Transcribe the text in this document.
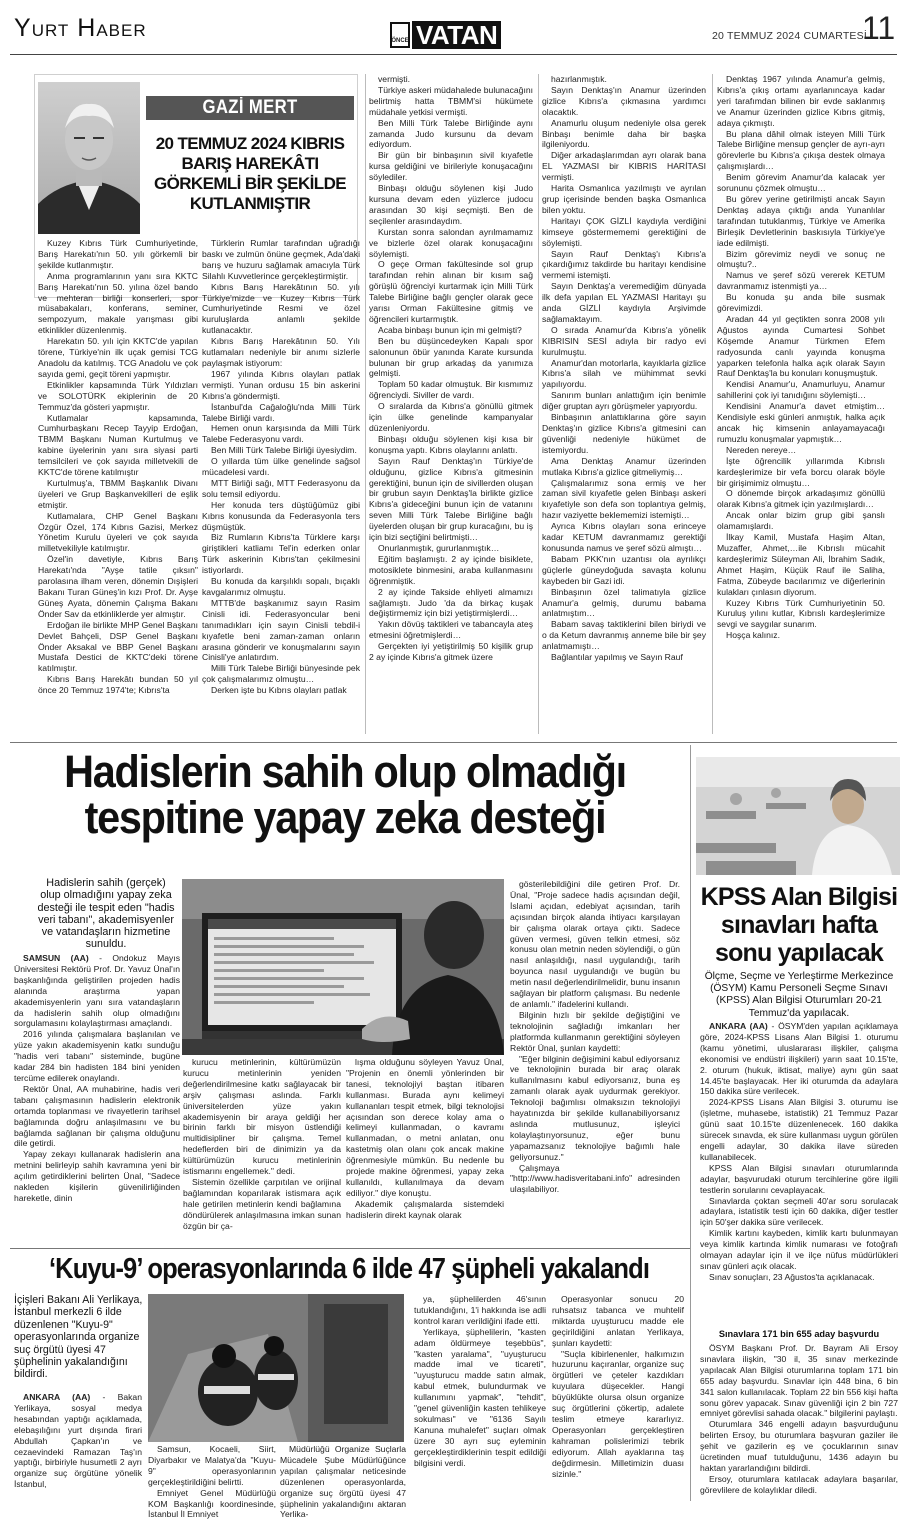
YURT HABER
ÖNCE VATAN	20 TEMMUZ 2024 CUMARTESİ
11
GAZİ MERT
20 TEMMUZ 2024 KIBRIS BARIŞ HAREKÂTI GÖRKEMLİ BİR ŞEKİLDE KUTLANMIŞTIR

Kuzey Kıbrıs Türk Cumhuriyetinde, Barış Harekatı'nın 50. yılı görkemli bir şekilde kutlanmıştır.

Anma programlarının yanı sıra KKTC Barış Harekatı'nın 50. yılına özel bando ve mehteran birliği konserleri, spor müsabakaları, konferans, seminer, sempozyum, makale yarışması gibi etkinlikler düzenlenmiş.

Harekatın 50. yılı için KKTC'de yapılan törene, Türkiye'nin ilk uçak gemisi TCG Anadolu da katılmış. TCG Anadolu ve çok sayıda gemi, geçit töreni yapmıştır.

Etkinlikler kapsamında Türk Yıldızları ve SOLOTÜRK ekiplerinin de 20 Temmuz'da gösteri yapmıştır.

Kutlamalar kapsamında, Cumhurbaşkanı Recep Tayyip Erdoğan, TBMM Başkanı Numan Kurtulmuş ve kabine üyelerinin yanı sıra siyasi parti temsilcileri ve çok sayıda milletvekili de KKTC'de törene katılmıştır

Kurtulmuş'a, TBMM Başkanlık Divanı üyeleri ve Grup Başkanvekilleri de eşlik etmiştir.

Kutlamalara, CHP Genel Başkanı Özgür Özel, 174 Kıbrıs Gazisi, Merkez Yönetim Kurulu üyeleri ve çok sayıda milletvekiliyle katılmıştır.

Özel'in davetiyle, Kıbrıs Barış Harekatı'nda "Ayşe tatile çıksın" parolasına ilham veren, dönemin Dışişleri Bakanı Turan Güneş'in kızı Prof. Dr. Ayşe Güneş Ayata, dönemin Çalışma Bakanı Önder Sav da etkinliklerde yer almıştır.

Erdoğan ile birlikte MHP Genel Başkanı Devlet Bahçeli, DSP Genel Başkanı Önder Aksakal ve BBP Genel Başkanı Mustafa Destici de KKTC'deki törene katılmıştır.

Kıbrıs Barış Harekâtı bundan 50 yıl önce 20 Temmuz 1974'te; Kıbrıs'ta

Türklerin Rumlar tarafından uğradığı baskı ve zulmün önüne geçmek, Ada'daki barış ve huzuru sağlamak amacıyla Türk Silahlı Kuvvetlerince gerçekleştirmiştir.

Kıbrıs Barış Harekâtının 50. yılı Türkiye'mizde ve Kuzey Kıbrıs Türk Cumhuriyetinde Resmi ve özel kuruluşlarda anlamlı şekilde kutlanacaktır.

Kıbrıs Barış Harekâtının 50. Yılı kutlamaları nedeniyle bir anımı sizlerle paylaşmak istiyorum:

1967 yılında Kıbrıs olayları patlak vermişti. Yunan ordusu 15 bin askerini Kıbrıs'a göndermişti.

İstanbul'da Cağaloğlu'nda Milli Türk Talebe Birliği vardı.

Hemen onun karşısında da Milli Türk Talebe Federasyonu vardı.

Ben Milli Türk Talebe Birliği üyesiydim.

O yıllarda tüm ülke genelinde sağsol mücadelesi vardı.

MTT Birliği sağı, MTT Federasyonu da solu temsil ediyordu.

Her konuda ters düştüğümüz gibi Kıbrıs konusunda da Federasyonla ters düşmüştük.

Biz Rumların Kıbrıs'ta Türklere karşı giriştikleri katliamı Tel'in ederken onlar Türk askerinin Kıbrıs'tan çekilmesini istiyorlardı.

Bu konuda da karşılıklı sopalı, bıçaklı kavgalarımız olmuştu.

MTTB'de başkanımız sayın Rasim Cinisli idi. Federasyoncular beni tanımadıkları için sayın Cinisli tebdil-i kıyafetle beni zaman-zaman onların arasına gönderir ve konuşmalarını sayın Cinisli'ye anlatırdım.

Milli Türk Talebe Birliği bünyesinde pek çok çalışmalarımız olmuştu…

Derken işte bu Kıbrıs olayları patlak

vermişti.

Türkiye askeri müdahalede bulunacağını belirtmiş hatta TBMM'si hükümete müdahale yetkisi vermişti.

Ben Milli Türk Talebe Birliğinde aynı zamanda Judo kursunu da devam ediyordum.

Bir gün bir binbaşının sivil kıyafetle kursa geldiğini ve birileriyle konuşacağını söylediler.

Binbaşı olduğu söylenen kişi Judo kursuna devam eden yüzlerce judocu arasından 30 kişi seçmişti. Ben de seçilenler arasındaydım.

Kurstan sonra salondan ayrılmamamız ve bizlerle özel olarak konuşacağını söylemişti.

O geçe Orman fakültesinde sol grup tarafından rehin alınan bir kısım sağ görüşlü öğrenciyi kurtarmak için Milli Türk Talebe Birliğine bağlı gençler olarak gece yarısı Orman Fakültesine gitmiş ve öğrencileri kurtarmıştık.

Acaba binbaşı bunun için mi gelmişti?

Ben bu düşüncedeyken Kapalı spor salonunun öbür yanında Karate kursunda bulunan bir grup arkadaş da yanımıza gelmişti.

Toplam 50 kadar olmuştuk. Bir kısmımız öğrenciydi. Siviller de vardı.

O sıralarda da Kıbrıs'a gönüllü gitmek için ülke genelinde kampanyalar düzenleniyordu.

Binbaşı olduğu söylenen kişi kısa bir konuşma yaptı. Kıbrıs olaylarını anlattı.

Sayın Rauf Denktaş'ın Türkiye'de olduğunu, gizlice Kıbrıs'a gitmesinin gerektiğini, bunun için de sivillerden oluşan bir grubun sayın Denktaş'la birlikte gizlice Kıbrıs'a gideceğini bunun için de vatanını seven Milli Türk Talebe Birliğine bağlı üyelerden oluşan bir grup kuracağını, bu iş için bizi seçtiğini belirtmişti…

Onurlanmıştık, gururlanmıştık…

Eğitim başlamıştı. 2 ay içinde bisiklete, motosiklete binmesini, araba kullanmasını öğrenmiştik.

2 ay içinde Takside ehliyeti almamızı sağlamıştı. Judo 'da da birkaç kuşak değiştirmemiz için bizi yetiştirmişlerdi…

Yakın dövüş taktikleri ve tabancayla ateş etmesini öğretmişlerdi…

Gerçekten iyi yetiştirilmiş 50 kişilik grup 2 ay içinde Kıbrıs'a gitmek üzere

hazırlanmıştık.

Sayın Denktaş'ın Anamur üzerinden gizlice Kıbrıs'a çıkmasına yardımcı olacaktık.

Anamurlu oluşum nedeniyle olsa gerek Binbaşı benimle daha bir başka ilgileniyordu.

Diğer arkadaşlarımdan ayrı olarak bana EL YAZMASI bir KIBRIS HARİTASI vermişti.

Harita Osmanlıca yazılmıştı ve ayrılan grup içerisinde benden başka Osmanlıca bilen yoktu.

Haritayı ÇOK GİZLİ kaydıyla verdiğini kimseye göstermememi gerektiğini de söylemişti.

Sayın Rauf Denktaş'ı Kıbrıs'a çıkardığımız takdirde bu haritayı kendisine vermemi istemişti.

Sayın Denktaş'a veremediğim dünyada ilk defa yapılan EL YAZMASI Haritayı şu anda GİZLİ kaydıyla Arşivimde sağlamaktayım.

O sırada Anamur'da Kıbrıs'a yönelik KIBRISIN SESİ adıyla bir radyo evi kurulmuştu.

Anamur'dan motorlarla, kayıklarla gizlice Kıbrıs'a silah ve mühimmat sevki yapılıyordu.

Sanırım bunları anlattığım için benimle diğer gruptan ayrı görüşmeler yapıyordu.

Binbaşının anlattıklarına göre sayın Denktaş'ın gizlice Kıbrıs'a gitmesini can güvenliği nedeniyle hükümet de istemiyordu.

Ama Denktaş Anamur üzerinden mutlaka Kıbrıs'a gizlice gitmeliymiş…

Çalışmalarımız sona ermiş ve her zaman sivil kıyafetle gelen Binbaşı askeri kıyafetiyle son defa son toplantıya gelmiş, hazır vaziyette beklememizi istemişti…

Ayrıca Kıbrıs olayları sona erinceye kadar KETUM davranmamız gerektiği konusunda namus ve şeref sözü almıştı…

Babam PKK'nın uzantısı ola ayrılıkçı güçlerle güneydoğuda savaşta kolunu kaybeden bir Gazi idi.

Binbaşının özel talimatıyla gizlice Anamur'a gelmiş, durumu babama anlatmıştım…

Babam savaş taktiklerini bilen biriydi ve o da Ketum davranmış anneme bile bir şey anlatmamıştı…

Bağlantılar yapılmış ve Sayın Rauf

Denktaş 1967 yılında Anamur'a gelmiş, Kıbrıs'a çıkış ortamı ayarlanıncaya kadar yeri tarafımdan bilinen bir evde saklanmış ve Anamur üzerinden gizlice Kıbrıs gitmiş, adaya çıkmıştı.

Bu plana dâhil olmak isteyen Milli Türk Talebe Birliğine mensup gençler de ayrı-ayrı görevlerle bu Kıbrıs'a çıkışa destek olmaya çalışmışlardı…

Benim görevim Anamur'da kalacak yer sorununu çözmek olmuştu…

Bu görev yerine getirilmişti ancak Sayın Denktaş adaya çıktığı anda Yunanlılar tarafından tutuklanmış, Türkiye ve Amerika Birleşik Devletlerinin baskısıyla Türkiye'ye iade edilmişti.

Bizim görevimiz neydi ve sonuç ne olmuştu?..

Namus ve şeref sözü vererek KETUM davranmamız istenmişti ya…

Bu konuda şu anda bile susmak görevimizdi.

Aradan 44 yıl geçtikten sonra 2008 yılı Ağustos ayında Cumartesi Sohbet Köşemde Anamur Türkmen Efem radyosunda canlı yayında konuşma yaparken telefonla halka açık olarak Sayın Rauf Denktaş'la bu konuları konuşmuştuk.

Kendisi Anamur'u, Anamurluyu, Anamur sahillerini çok iyi tanıdığını söylemişti…

Kendisini Anamur'a davet etmiştim… Kendisiyle eski günleri anmıştık, halka açık ancak hiç kimsenin anlayamayacağı rumuzlu konuşmalar yapmıştık…

Nereden nereye…

İşte öğrencilik yıllarımda Kıbrıslı kardeşlerimize bir vefa borcu olarak böyle bir girişimimiz olmuştu…

O dönemde birçok arkadaşımız gönüllü olarak Kıbrıs'a gitmek için yazılmışlardı…

Ancak onlar bizim grup gibi şanslı olamamışlardı.

İlkay Kamil, Mustafa Haşim Altan, Muzaffer, Ahmet,…ile Kıbrıslı mücahit kardeşlerimiz Süleyman Ali, İbrahim Sadık, Ahmet Haşim, Küçük Rauf ile Saliha, Fatma, Zübeyde bacılarımız ve diğerlerinin kulakları çınlasın diyorum.

Kuzey Kıbrıs Türk Cumhuriyetinin 50. Kuruluş yılını kutlar, Kıbrıslı kardeşlerimize sevgi ve saygılar sunarım.

Hoşça kalınız.

Hadislerin sahih olup olmadığı
tespitine yapay zeka desteği
Hadislerin sahih (gerçek) olup olmadığını yapay zeka desteği ile tespit eden "hadis veri tabanı", akademisyenler ve vatandaşların hizmetine sunuldu.

SAMSUN (AA) - Ondokuz Mayıs Üniversitesi Rektörü Prof. Dr. Yavuz Ünal'ın başkanlığında geliştirilen projeden hadis alanında araştırma yapan akademisyenlerin yanı sıra vatandaşların da hadislerin sahih olup olmadığını sorgulamasını kolaylaştırması amaçlandı.

2016 yılında çalışmalara başlanılan ve yüze yakın akademisyenin katkı sunduğu "hadis veri tabanı" sisteminde, bugüne kadar 284 bin hadisten 184 bini yeniden tercüme edilerek onaylandı.

Rektör Ünal, AA muhabirine, hadis veri tabanı çalışmasının hadislerin elektronik ortamda toplanması ve rivayetlerin tarihsel bağlamında doğru anlaşılmasını ve bu bağlamda sağlanan bir çalışma olduğunu dile getirdi.

Yapay zekayı kullanarak hadislerin ana metnini belirleyip sahih kavramına yeni bir açılım getirdiklerini belirten Ünal, "Sadece nakleden kişilerin güvenilirliğinden hareketle, dinin

kurucu metinlerinin, kültürümüzün kurucu metinlerinin yeniden değerlendirilmesine katkı sağlayacak bir arşiv çalışması aslında. Farklı üniversitelerden yüze yakın akademisyenin bir araya geldiği her birinin farklı bir misyon üstlendiği multidisipliner bir çalışma. Temel hedeflerden biri de dinimizin ya da kültürümüzün kurucu metinlerinin istismarını engellemek." dedi.

Sistemin özellikle çarpıtılan ve orijinal bağlamından koparılarak istismara açık hale getirilen metinlerin kendi bağlamına döndürülerek anlaşılmasına imkan sunan özgün bir ça-

lışma olduğunu söyleyen Yavuz Ünal, "Projenin en önemli yönlerinden bir tanesi, teknolojiyi baştan itibaren kullanması. Burada aynı kelimeyi kullananları tespit etmek, bilgi teknolojisi açısından son derece kolay ama o kelimeyi kullanmadan, o kavramı kullanmadan, o metni anlatan, onu kastetmiş olan olanı çok ancak makine öğrenmesiyle mümkün. Bu nedenle bu projede makine öğrenmesi, yapay zeka kullanıldı, kullanılmaya da devam ediliyor." diye konuştu.

Akademik çalışmalarda sistemdeki hadislerin direkt kaynak olarak

gösterilebildiğini dile getiren Prof. Dr. Ünal, "Proje sadece hadis açısından değil, İslami açıdan, edebiyat açısından, tarih açısından birçok alanda ihtiyacı karşılayan bir çalışma olarak ortaya çıktı. Sadece güven vermesi, güven telkin etmesi, söz konusu olan metnin neden söylendiği, o gün nasıl anlaşıldığı, nasıl uygulandığı, tarih boyunca nasıl uygulandığı ve bugün bu metin nasıl değerlendirilmelidir, bunu insanın sağlayan bir platform çalışması. Bu nedenle de anlamlı." ifadelerini kullandı.

Bilginin hızlı bir şekilde değiştiğini ve teknolojinin sağladığı imkanları her platformda kullanmanın gerektiğini söyleyen Rektör Ünal, şunları kaydetti:

"Eğer bilginin değişimini kabul ediyorsanız ve teknolojinin burada bir araç olarak kullanılmasını kabul ediyorsanız, buna eş zamanlı olarak ayak uydurmak gerekiyor. Teknoloji bağımlısı olmaksızın teknolojiyi hayatınızda bir şekilde kullanabiliyorsanız aslında mutlusunuz, işleyici kolaylaştırıyorsunuz, eğer bunu yapamazsanız teknolojiye bağımlı hale geliyorsunuz."

Çalışmaya "http://www.hadisveritabani.info" adresinden ulaşılabiliyor.

KPSS Alan Bilgisi sınavları hafta sonu yapılacak
Ölçme, Seçme ve Yerleştirme Merkezince (ÖSYM) Kamu Personeli Seçme Sınavı (KPSS) Alan Bilgisi Oturumları 20-21 Temmuz'da yapılacak.

ANKARA (AA) - ÖSYM'den yapılan açıklamaya göre, 2024-KPSS Lisans Alan Bilgisi 1. oturumu (kamu yönetimi, uluslararası ilişkiler, çalışma ekonomisi ve endüstri ilişkileri) yarın saat 10.15'te, 2. oturum (hukuk, iktisat, maliye) aynı gün saat 14.45'te başlayacak. Her iki oturumda da adaylara 150 dakika süre verilecek.

2024-KPSS Lisans Alan Bilgisi 3. oturumu ise (işletme, muhasebe, istatistik) 21 Temmuz Pazar günü saat 10.15'te düzenlenecek. 160 dakika sürecek sınavda, ek süre kullanması uygun görülen engelli adaylar, 30 dakika ilave süreden kullanabilecek.

KPSS Alan Bilgisi sınavları oturumlarında adaylar, başvurudaki oturum tercihlerine göre ilgili testlerin sorularını cevaplayacak.

Sınavlarda çoktan seçmeli 40'ar soru sorulacak adaylara, istatistik testi için 60 dakika, diğer testler için 50'şer dakika süre verilecek.

Kimlik kartını kaybeden, kimlik kartı bulunmayan veya kimlik kartında kimlik numarası ve fotoğrafı olmayan adaylar için il ve ilçe nüfus müdürlükleri sınav günleri açık olacak.

Sınav sonuçları, 23 Ağustos'ta açıklanacak.

Sınavlara 171 bin 655 aday başvurdu

ÖSYM Başkanı Prof. Dr. Bayram Ali Ersoy sınavlara ilişkin, "30 il, 35 sınav merkezinde yapılacak Alan Bilgisi oturumlarına toplam 171 bin 655 aday başvurdu. Sınavlar için 448 bina, 6 bin 341 salon kullanılacak. Toplam 22 bin 556 kişi hafta sonu görev yapacak. Sınav güvenliği için 2 bin 727 emniyet görevlisi sahada olacak." bilgilerini paylaştı.

Oturumlara 346 engelli adayın başvurduğunu belirten Ersoy, bu oturumlara başvuran gaziler ile şehit ve gazilerin eş ve çocuklarının sınav ücretinden muaf tutulduğunu, 1436 adayın bu haktan yararlandığını bildirdi.

Ersoy, oturumlara katılacak adaylara başarılar, görevlilere de kolaylıklar diledi.

‘Kuyu-9’ operasyonlarında 6 ilde 47 şüpheli yakalandı
İçişleri Bakanı Ali Yerlikaya, İstanbul merkezli 6 ilde düzenlenen "Kuyu-9" operasyonlarında organize suç örgütü üyesi 47 şüphelinin yakalandığını bildirdi.

ANKARA (AA) - Bakan Yerlikaya, sosyal medya hesabından yaptığı açıklamada, elebaşılığını yurt dışında firari Abdullah Çapkan'ın ve cezaevindeki Ramazan Taş'ın yaptığı, birbiriyle husumetli 2 ayrı organize suç örgütüne yönelik İstanbul,

Samsun, Kocaeli, Siirt, Diyarbakır ve Malatya'da "Kuyu-9" operasyonlarının gerçekleştirildiğini belirtti.

Emniyet Genel Müdürlüğü KOM Başkanlığı koordinesinde, İstanbul İl Emniyet

Müdürlüğü Organize Suçlarla Mücadele Şube Müdürlüğünce yapılan çalışmalar neticesinde düzenlenen operasyonlarda, organize suç örgütü üyesi 47 şüphelinin yakalandığını aktaran Yerlika-

ya, şüphelilerden 46'sının tutuklandığını, 1'i hakkında ise adli kontrol kararı verildiğini ifade etti.

Yerlikaya, şüphelilerin, "kasten adam öldürmeye teşebbüs", "kasten yaralama", "uyuşturucu madde imal ve ticareti", "uyuşturucu madde satın almak, kabul etmek, bulundurmak ve kullanımını yapmak", "tehdit", "genel güvenliğin kasten tehlikeye sokulması" ve "6136 Sayılı Kanuna muhalefet" suçları olmak üzere 30 ayrı suç eyleminin gerçekleştirdiklerinin tespit edildiği bilgisini verdi.

Operasyonlar sonucu 20 ruhsatsız tabanca ve muhtelif miktarda uyuşturucu madde ele geçirildiğini anlatan Yerlikaya, şunları kaydetti:

"Suçla kibirlenenler, halkımızın huzurunu kaçıranlar, organize suç örgütleri ve çeteler kazdıkları kuyulara düşecekler. Hangi büyüklükte olursa olsun organize suç örgütlerini çökertip, adalete teslim etmeye kararlıyız. Operasyonları gerçekleştiren kahraman polislerimizi tebrik ediyorum. Allah ayaklarına taş değdirmesin. Milletimizin duası sizinle."
